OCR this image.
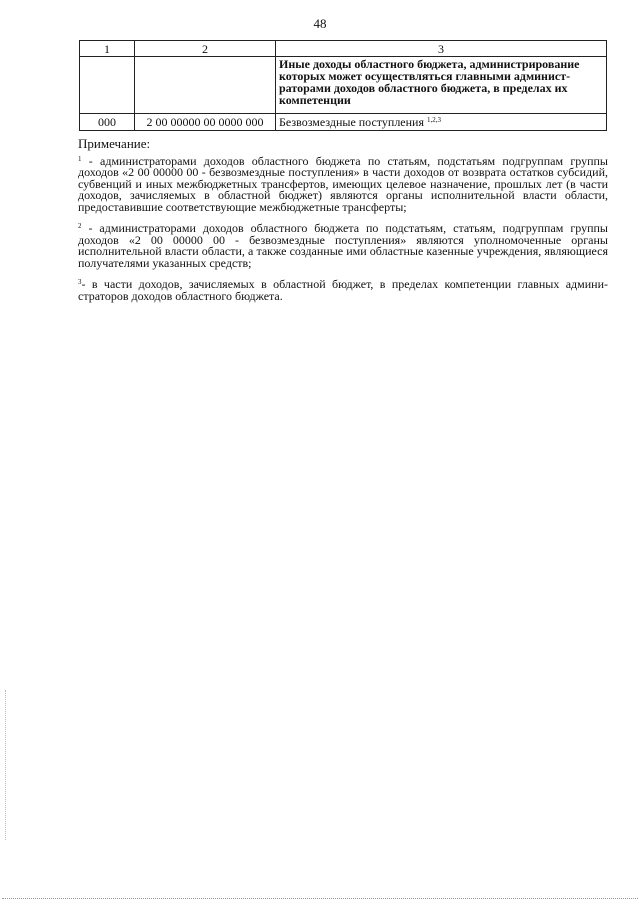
48
1	2	3
		Иные доходы областного бюджета, администрирование которых может осуществляться главными админист-раторами доходов областного бюджета, в пределах их компетенции
000	2 00 00000 00 0000 000	Безвозмездные поступления $^{1,2,3}$

Примечание:

$^1$ - администраторами доходов областного бюджета по статьям, подстатьям подгруппам группы доходов «2 00 00000 00 - безвозмездные поступления» в части доходов от возврата остатков субсидий, субвенций и иных межбюджетных трансфертов, имеющих целевое назначение, прошлых лет (в части доходов, зачисляемых в областной бюджет) являются органы исполнительной власти области, предоставившие соответствующие межбюджетные трансферты;

$^2$ - администраторами доходов областного бюджета по подстатьям, статьям, подгруппам группы доходов «2 00 00000 00 - безвозмездные поступления» являются уполномоченные органы исполнительной власти области, а также созданные ими областные казенные учреждения, являющиеся получателями указанных средств;

$^3$- в части доходов, зачисляемых в областной бюджет, в пределах компетенции главных админи-страторов доходов областного бюджета.
